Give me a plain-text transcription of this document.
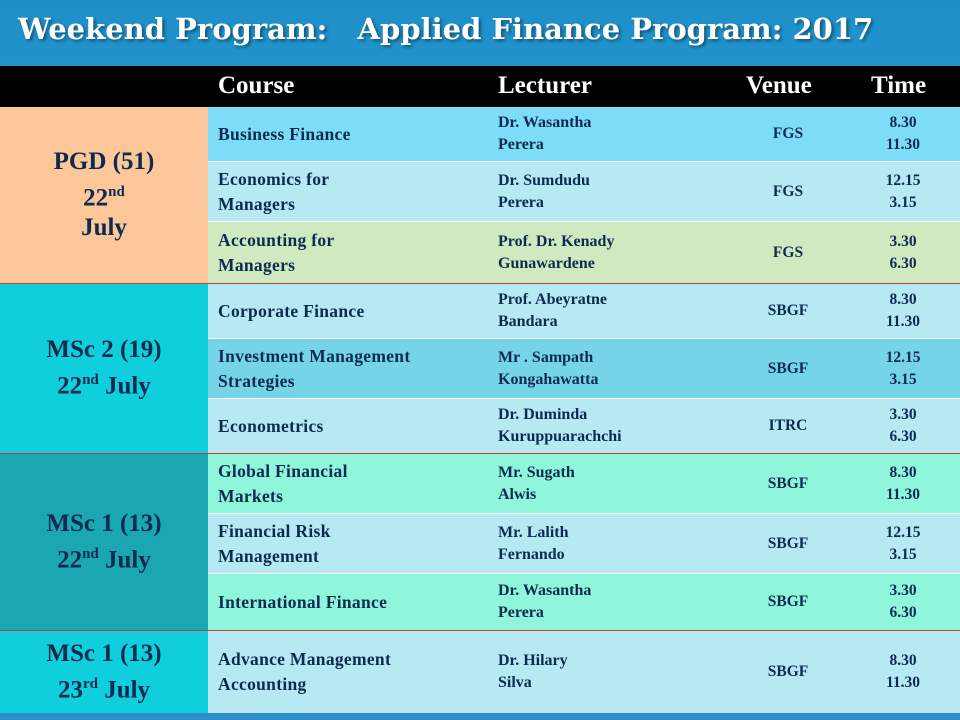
Weekend Program:   Applied Finance Program: 2017
Course	Lecturer	Venue Time
PGD (51)
22nd
July
MSc 2 (19)
22nd July
MSc 1 (13)
22nd July
MSc 1 (13)
23rd July
Business Finance
Dr. Wasantha
Perera
FGS
8.30
11.30
Economics for
Managers
Dr. Sumdudu
Perera
FGS
12.15
3.15
Accounting for
Managers
Prof. Dr. Kenady
Gunawardene
FGS
3.30
6.30
Corporate Finance
Prof. Abeyratne
Bandara
SBGF
8.30
11.30
Investment Management
Strategies
Mr . Sampath
Kongahawatta
SBGF
12.15
3.15
Econometrics
Dr. Duminda
Kuruppuarachchi
ITRC
3.30
6.30
Global Financial
Markets
Mr. Sugath
Alwis
SBGF
8.30
11.30
Financial Risk
Management
Mr. Lalith
Fernando
SBGF
12.15
3.15
International Finance
Dr. Wasantha
Perera
SBGF
3.30
6.30
Advance Management
Accounting
Dr. Hilary
Silva
SBGF
8.30
11.30
